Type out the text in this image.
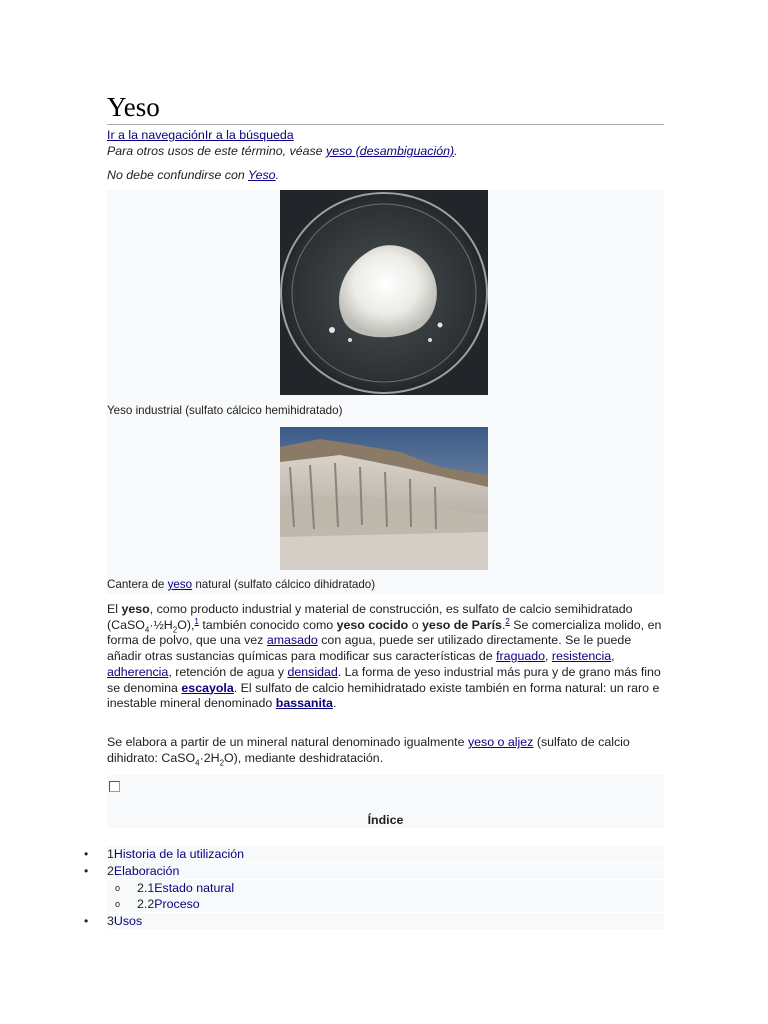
Yeso
Ir a la navegaciónIr a la búsqueda
Para otros usos de este término, véase yeso (desambiguación).
No debe confundirse con Yeso.
Yeso industrial (sulfato cálcico hemihidratado)
Cantera de yeso natural (sulfato cálcico dihidratado)

El yeso, como producto industrial y material de construcción, es sulfato de calcio semihidratado $(CaSO_4\cdot\frac{1}{2}H_2O),^1$ también conocido como yeso cocido o yeso de París.$^2$ Se comercializa molido, en forma de polvo, que una vez amasado con agua, puede ser utilizado directamente. Se le puede añadir otras sustancias químicas para modificar sus características de fraguado, resistencia, adherencia, retención de agua y densidad. La forma de yeso industrial más pura y de grano más fino se denomina escayola. El sulfato de calcio hemihidratado existe también en forma natural: un raro e inestable mineral denominado bassanita.

Se elabora a partir de un mineral natural denominado igualmente yeso o aljez (sulfato de calcio dihidrato: $CaSO_4\cdot 2H_2O$), mediante deshidratación.

Índice
• 1Historia de la utilización
• 2Elaboración
o 2.1Estado natural
o 2.2Proceso
• 3Usos
